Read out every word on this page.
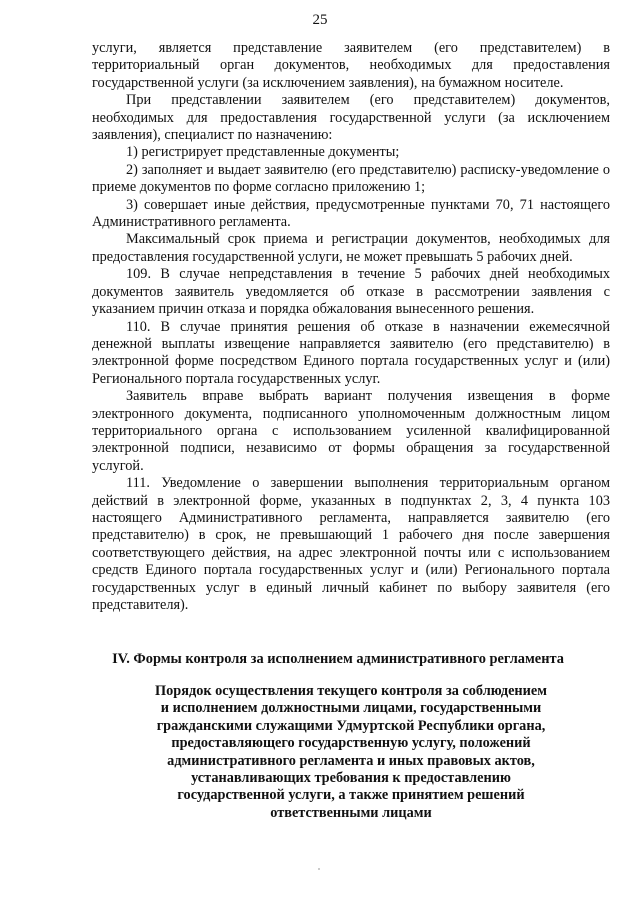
25

услуги, является представление заявителем (его представителем) в территориальный орган документов, необходимых для предоставления государственной услуги (за исключением заявления), на бумажном носителе.

При представлении заявителем (его представителем) документов, необходимых для предоставления государственной услуги (за исключением заявления), специалист по назначению:

1) регистрирует представленные документы;

2) заполняет и выдает заявителю (его представителю) расписку-уведомление о приеме документов по форме согласно приложению 1;

3) совершает иные действия, предусмотренные пунктами 70, 71 настоящего Административного регламента.

Максимальный срок приема и регистрации документов, необходимых для предоставления государственной услуги, не может превышать 5 рабочих дней.

109. В случае непредставления в течение 5 рабочих дней необходимых документов заявитель уведомляется об отказе в рассмотрении заявления с указанием причин отказа и порядка обжалования вынесенного решения.

110. В случае принятия решения об отказе в назначении ежемесячной денежной выплаты извещение направляется заявителю (его представителю) в электронной форме посредством Единого портала государственных услуг и (или) Регионального портала государственных услуг.

Заявитель вправе выбрать вариант получения извещения в форме электронного документа, подписанного уполномоченным должностным лицом территориального органа с использованием усиленной квалифицированной электронной подписи, независимо от формы обращения за государственной услугой.

111. Уведомление о завершении выполнения территориальным органом действий в электронной форме, указанных в подпунктах 2, 3, 4 пункта 103 настоящего Административного регламента, направляется заявителю (его представителю) в срок, не превышающий 1 рабочего дня после завершения соответствующего действия, на адрес электронной почты или с использованием средств Единого портала государственных услуг и (или) Регионального портала государственных услуг в единый личный кабинет по выбору заявителя (его представителя).

IV. Формы контроля за исполнением административного регламента
Порядок осуществления текущего контроля за соблюдением
и исполнением должностными лицами, государственными
гражданскими служащими Удмуртской Республики органа,
предоставляющего государственную услугу, положений
административного регламента и иных правовых актов,
устанавливающих требования к предоставлению
государственной услуги, а также принятием решений
ответственными лицами
